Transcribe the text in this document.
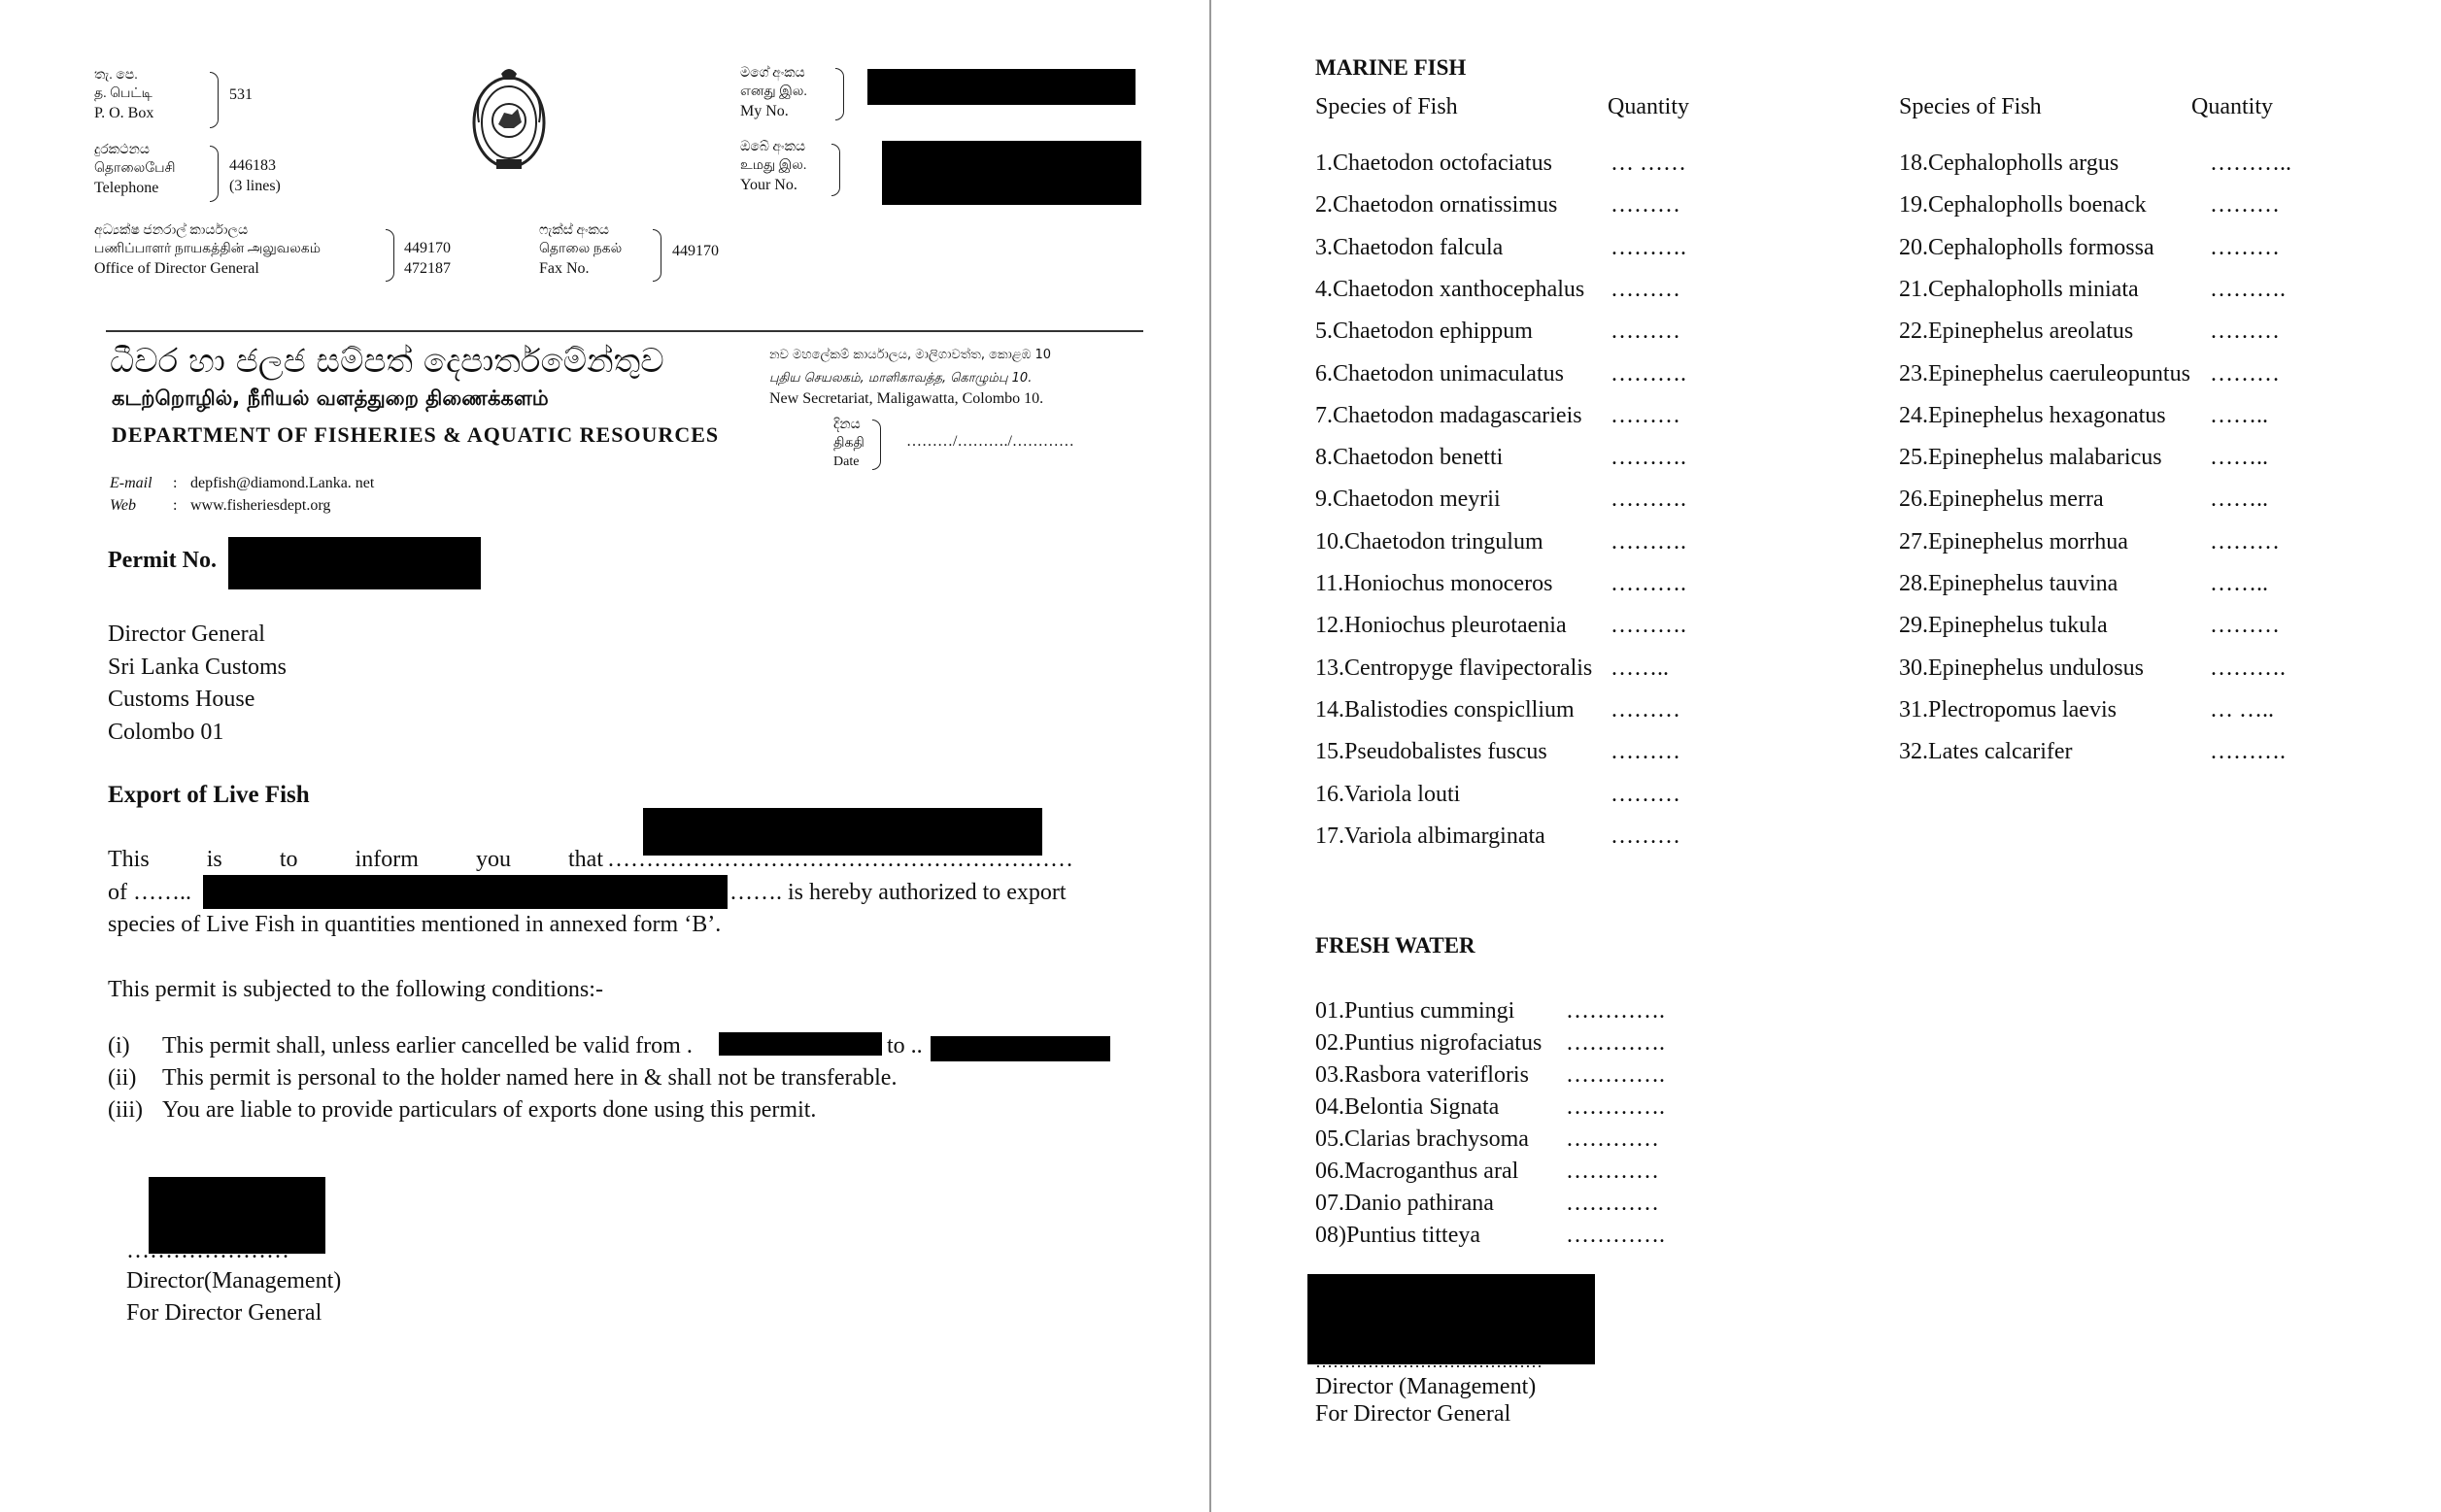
තැ. පෙ.
த. பெட்டி
P. O. Box
531
දුරකථනය
தொலைபேசி
Telephone
446183
(3 lines)
අධ්‍යක්ෂ ජනරාල් කාර්යාලය
பணிப்பாளர் நாயகத்தின் அலுவலகம்
Office of Director General
449170
472187
ෆැක්ස් අංකය
தொலை நகல்
Fax No.
449170
මගේ අංකය
எனது இல.
My No.
ඔබේ අංකය
உமது இல.
Your No.
ධීවර හා ජලජ සම්පත් දෙපාර්තමේන්තුව
கடற்றொழில், நீரியல் வளத்துறை திணைக்களம்
DEPARTMENT OF FISHERIES & AQUATIC RESOURCES
නව මහලේකම් කාර්යාලය, මාලිගාවත්ත, කොළඹ 10
புதிய செயலகம், மாளிகாவத்த, கொழும்பு 10.
New Secretariat, Maligawatta, Colombo 10.
දිනය
திகதி
Date
………/………./…………
E-mail : depfish@diamond.Lanka. net
Web : www.fisheriesdept.org
Permit No.
Director General
Sri Lanka Customs
Customs House
Colombo 01
Export of Live Fish
This is to inform you that ……………………………………………………
of ……..	……. is hereby authorized to export
species of Live Fish in quantities mentioned in annexed form ‘B’.
This permit is subjected to the following conditions:-
(i) This permit shall, unless earlier cancelled be valid from .	to ..
(ii) This permit is personal to the holder named here in & shall not be transferable.
(iii) You are liable to provide particulars of exports done using this permit.
…………………
Director(Management)
For Director General
MARINE FISH
Species of Fish	Quantity	Species of Fish	Quantity
1.Chaetodon octofaciatus	… ……
2.Chaetodon ornatissimus ………
3.Chaetodon falcula	……….
4.Chaetodon xanthocephalus ………
5.Chaetodon ephippum	………
6.Chaetodon unimaculatus ……….
7.Chaetodon madagascarieis ………
8.Chaetodon benetti	……….
9.Chaetodon meyrii	……….
10.Chaetodon tringulum	……….
11.Honiochus monoceros ……….
12.Honiochus pleurotaenia ……….
13.Centropyge flavipectoralis ……..
14.Balistodies conspicllium ………
15.Pseudobalistes fuscus	………
16.Variola louti	………
17.Variola albimarginata	………
18.Cephalopholls argus	………..
19.Cephalopholls boenack	………
20.Cephalopholls formossa ………
21.Cephalopholls miniata	……….
22.Epinephelus areolatus	………
23.Epinephelus caeruleopuntus ………
24.Epinephelus hexagonatus ……..
25.Epinephelus malabaricus ……..
26.Epinephelus merra	……..
27.Epinephelus morrhua	………
28.Epinephelus tauvina	……..
29.Epinephelus tukula	………
30.Epinephelus undulosus	……….
31.Plectropomus laevis	… …..
32.Lates calcarifer	……….
FRESH WATER
01.Puntius cummingi ………….
02.Puntius nigrofaciatus ………….
03.Rasbora vateriflorіs ………….
04.Belontia Signata	………….
05.Clarias brachysoma …………
06.Macroganthus aral …………
07.Danio pathirana	…………
08)Puntius titteya	………….
…………………………………
Director (Management)
For Director General
